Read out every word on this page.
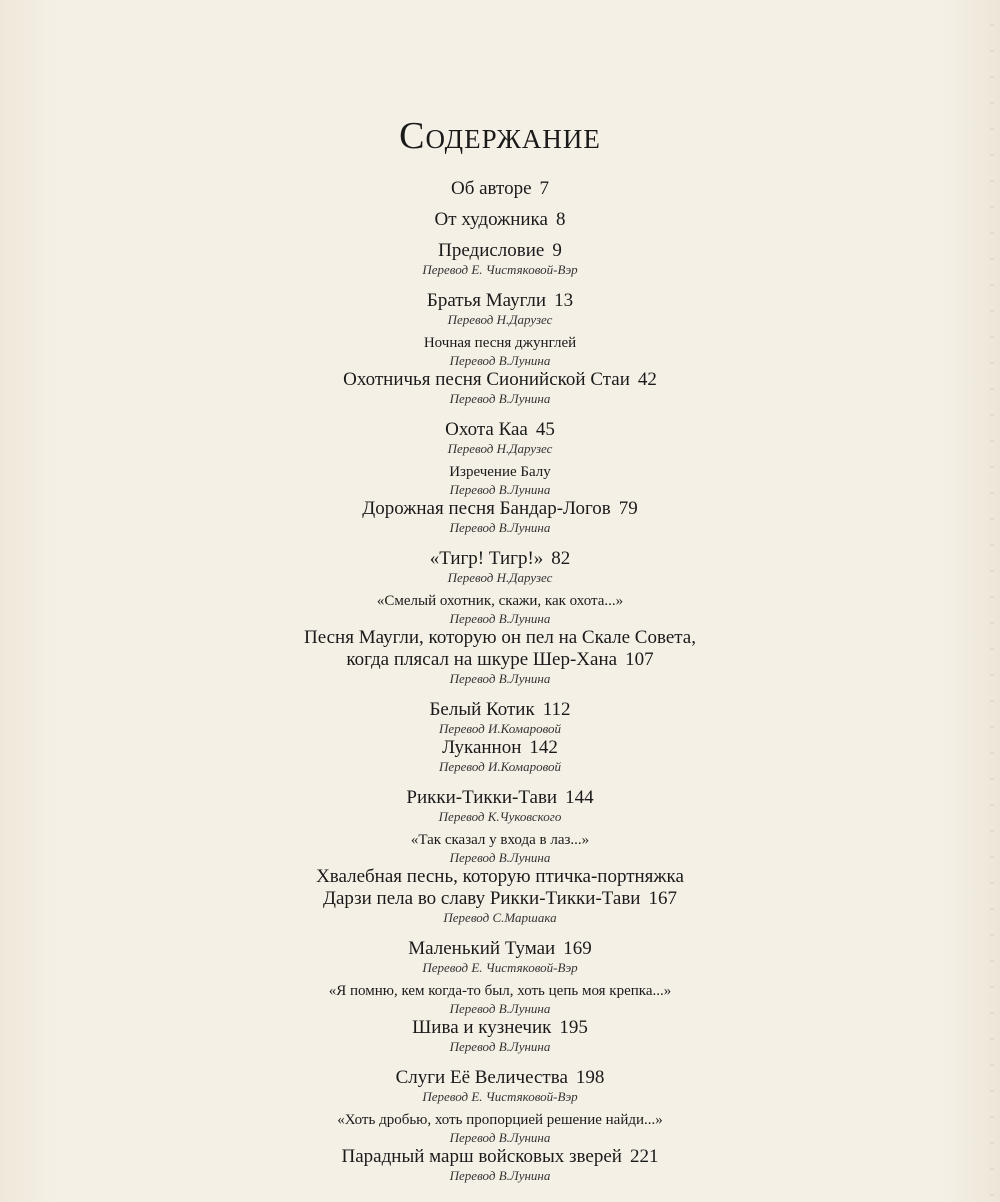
Содержание

Об авторе 7

От художника 8

Предисловие 9

Перевод Е. Чистяковой-Вэр

Братья Маугли 13

Перевод Н.Дарузес

Ночная песня джунглей

Перевод В.Лунина

Охотничья песня Сионийской Стаи 42

Перевод В.Лунина

Охота Каа 45

Перевод Н.Дарузес

Изречение Балу

Перевод В.Лунина

Дорожная песня Бандар-Логов 79

Перевод В.Лунина

«Тигр! Тигр!» 82

Перевод Н.Дарузес

«Смелый охотник, скажи, как охота...»

Перевод В.Лунина

Песня Маугли, которую он пел на Скале Совета,
когда плясал на шкуре Шер-Хана 107

Перевод В.Лунина

Белый Котик 112

Перевод И.Комаровой

Луканнон 142

Перевод И.Комаровой

Рикки-Тикки-Тави 144

Перевод К.Чуковского

«Так сказал у входа в лаз...»

Перевод В.Лунина

Хвалебная песнь, которую птичка-портняжка
Дарзи пела во славу Рикки-Тикки-Тави 167

Перевод С.Маршака

Маленький Тумаи 169

Перевод Е. Чистяковой-Вэр

«Я помню, кем когда-то был, хоть цепь моя крепка...»

Перевод В.Лунина

Шива и кузнечик 195

Перевод В.Лунина

Слуги Её Величества 198

Перевод Е. Чистяковой-Вэр

«Хоть дробью, хоть пропорцией решение найди...»

Перевод В.Лунина

Парадный марш войсковых зверей 221

Перевод В.Лунина
